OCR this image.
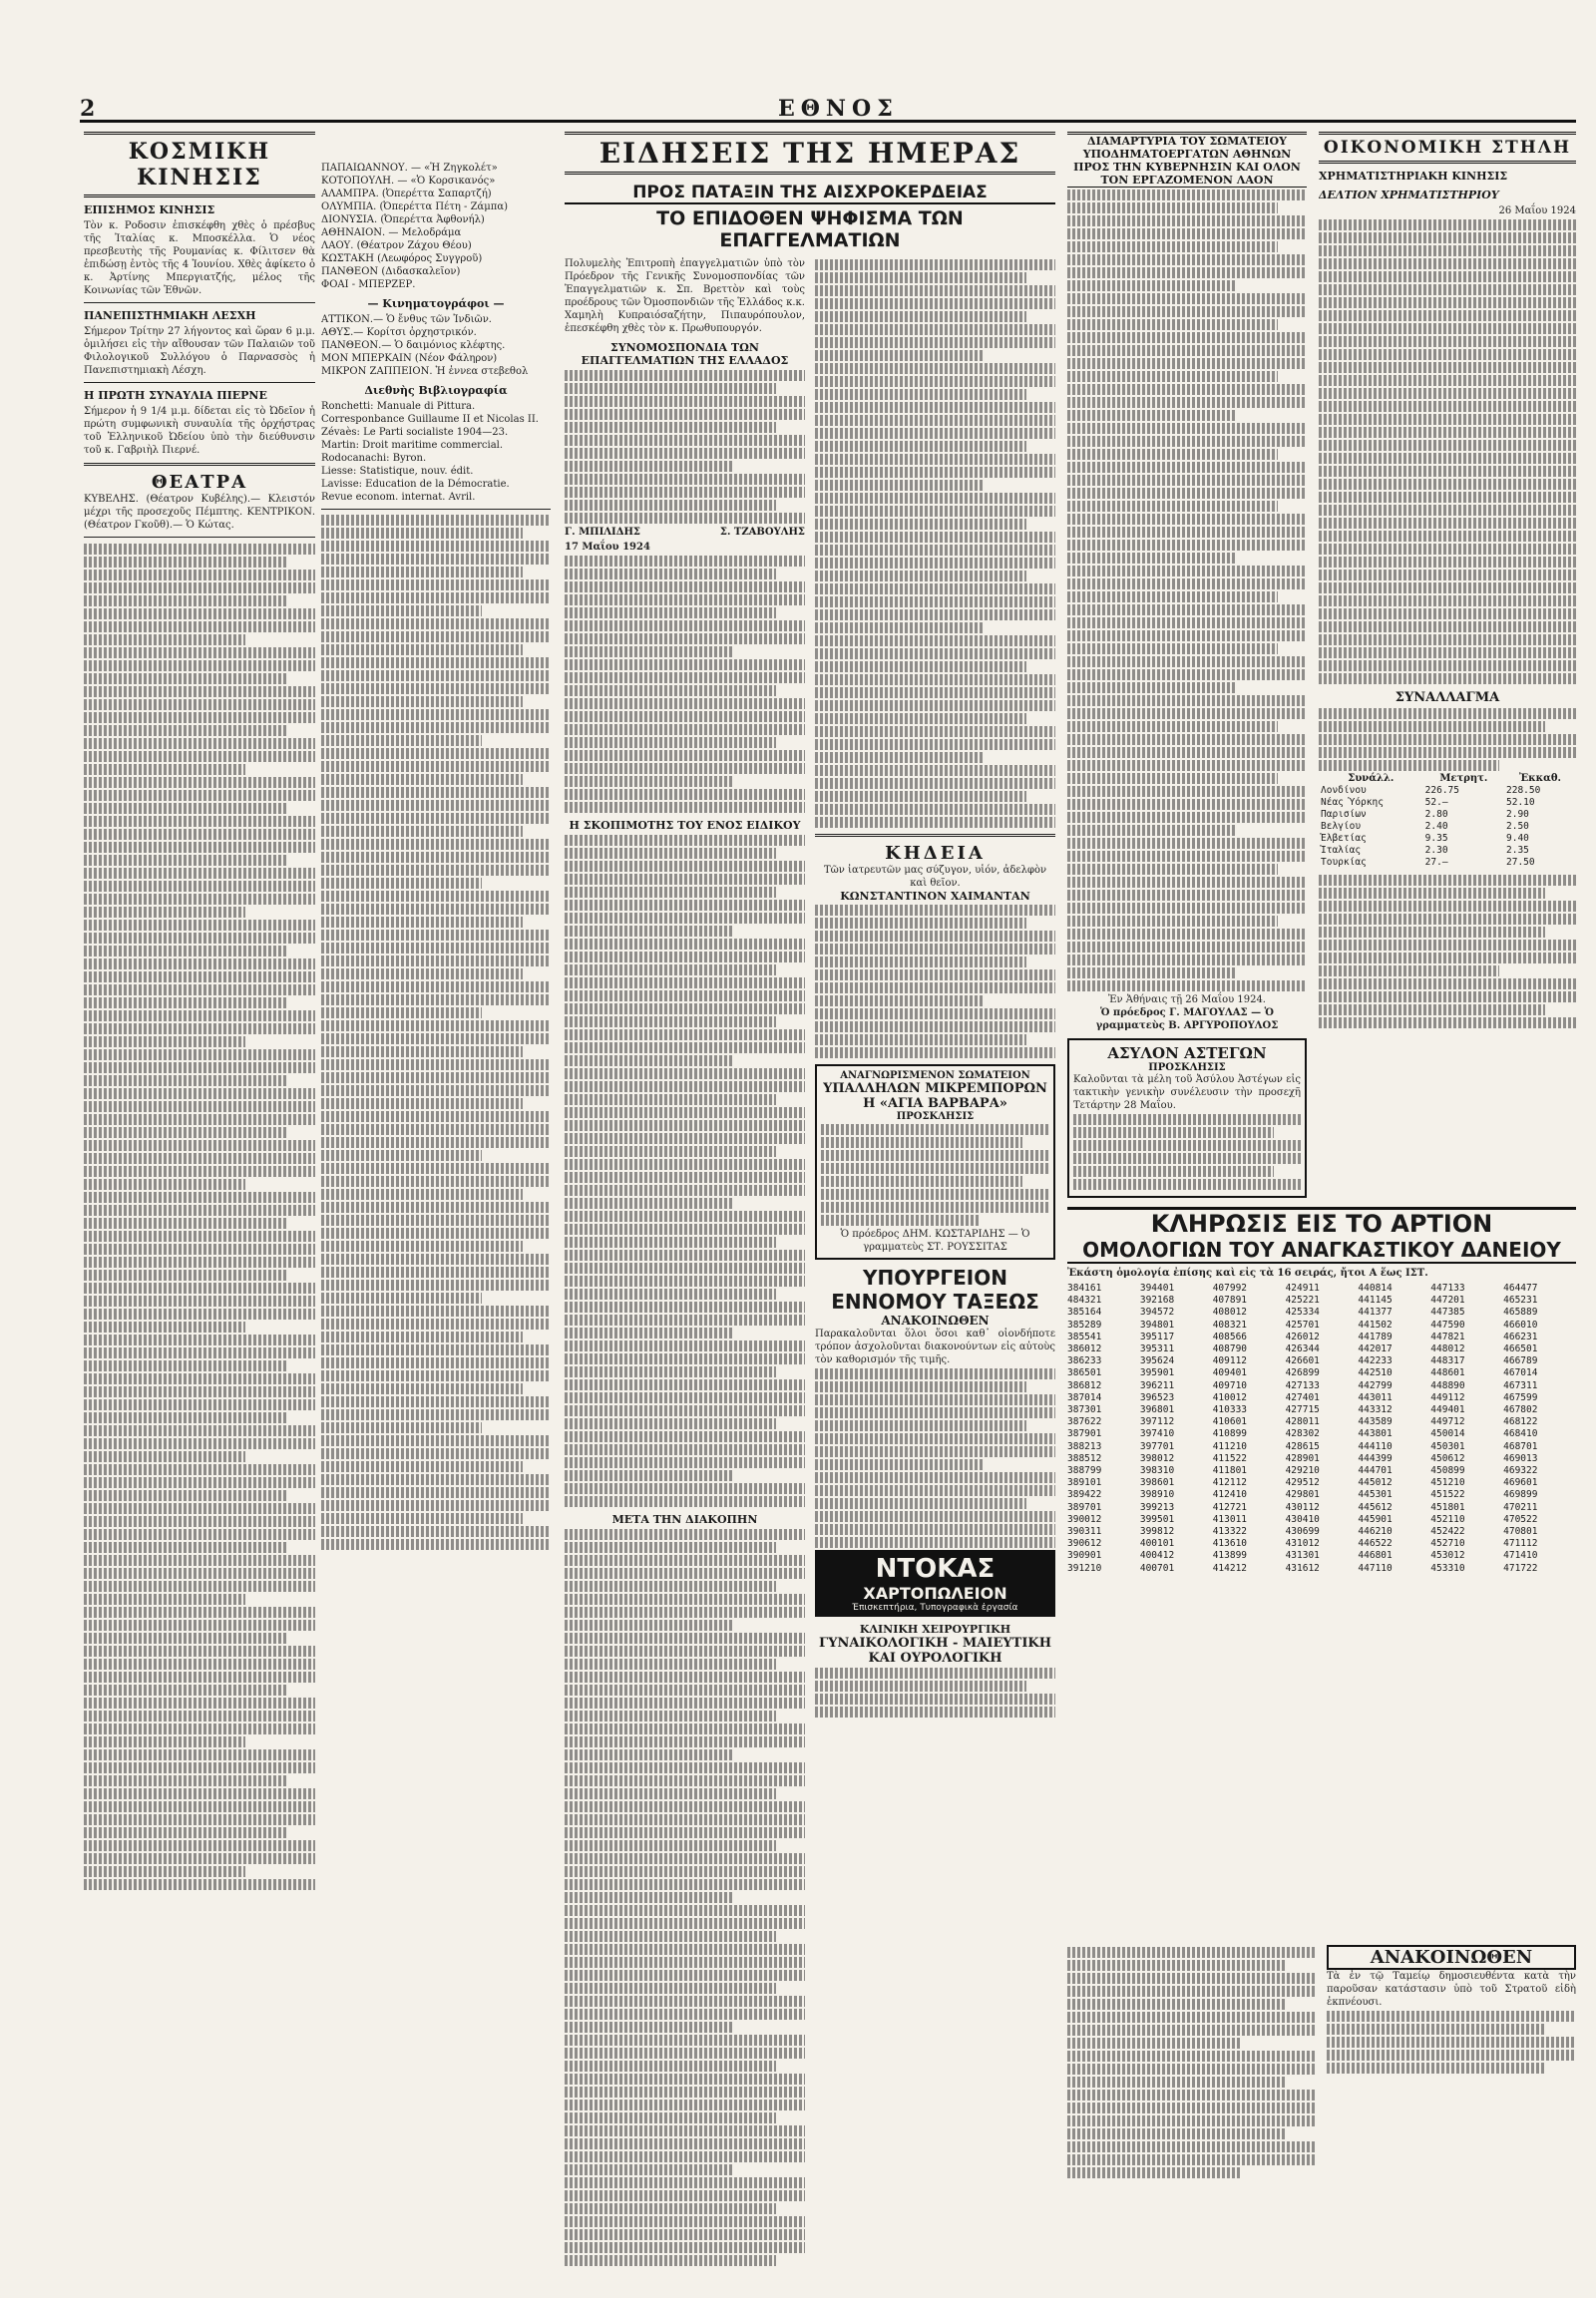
2	ΕΘΝΟΣ
ΚΟΣΜΙΚΗ ΚΙΝΗΣΙΣ
ΕΠΙΣΗΜΟΣ ΚΙΝΗΣΙΣ
Τὸν κ. Ροδοσιν ἐπισκέφθη χθὲς ὁ πρέσβυς τῆς Ἰταλίας κ. Μποσκέλλα. Ὁ νέος πρεσβευτὴς τῆς Ρουμανίας κ. Φίλιτσεν θὰ ἐπιδώσῃ ἐντὸς τῆς 4 Ἰουνίου. Χθὲς ἀφίκετο ὁ κ. Ἀρτίνης Μπεργιατζής, μέλος τῆς Κοινωνίας τῶν Ἐθνῶν.
ΠΑΝΕΠΙΣΤΗΜΙΑΚΗ ΛΕΣΧΗ
Σήμερον Τρίτην 27 λήγοντος καὶ ὥραν 6 μ.μ. ὁμιλήσει εἰς τὴν αἴθουσαν τῶν Παλαιῶν τοῦ Φιλολογικοῦ Συλλόγου ὁ Παρνασσὸς ἡ Πανεπιστημιακὴ Λέσχη.
Η ΠΡΩΤΗ ΣΥΝΑΥΛΙΑ ΠΙΕΡΝΕ
Σήμερον ἡ 9 1/4 μ.μ. δίδεται εἰς τὸ Ὠδεῖον ἡ πρώτη συμφωνικὴ συναυλία τῆς ὀρχήστρας τοῦ Ἑλληνικοῦ Ὠδείου ὑπὸ τὴν διεύθυνσιν τοῦ κ. Γαβριὴλ Πιερνέ.
ΘΕΑΤΡΑ
ΚΥΒΕΛΗΣ. (Θέατρον Κυβέλης).— Κλειστόν μέχρι τῆς προσεχοῦς Πέμπτης. ΚΕΝΤΡΙΚΟΝ. (Θέατρον Γκοῦθ).— Ὁ Κώτας.
ΠΑΠΑΙΩΑΝΝΟΥ. — «Ἡ Ζηγκολέτ»
ΚΟΤΟΠΟΥΛΗ. — «Ὁ Κορσικανός»
ΑΛΑΜΠΡΑ. (Ὀπερέττα Σαπαρτζή)
ΟΛΥΜΠΙΑ. (Ὀπερέττα Πέτη - Ζάμπα)
ΔΙΟΝΥΣΙΑ. (Ὀπερέττα Ἀφθονήλ)
ΑΘΗΝΑΙΟΝ. — Μελοδράμα
ΛΑΟΥ. (Θέατρον Ζάχου Θέου)
ΚΩΣΤΑΚΗ (Λεωφόρος Συγγροῦ)
ΠΑΝΘΕΟΝ (Διδασκαλεῖον)
ΦΟΑΙ - ΜΠΕΡΖΕΡ.
— Κινηματογράφοι —
ΑΤΤΙΚΟΝ.— Ὁ ἔνθυς τῶν Ἰνδιῶν.
ΑΘΥΣ.— Κορίτσι ὀρχηστρικόν.
ΠΑΝΘΕΟΝ.— Ὁ δαιμόνιος κλέφτης.
ΜΟΝ ΜΠΕΡΚΑΙΝ (Νέον Φάληρον)
ΜΙΚΡΟΝ ΖΑΠΠΕΙΟΝ. Ἡ ἐννεα στεβεθολ
Διεθνὴς Βιβλιογραφία
Ronchetti: Manuale di Pittura.
Corresponbance Guillaume II et Nicolas II.
Zévaès: Le Parti socialiste 1904—23.
Martin: Droit maritime commercial.
Rodocanachi: Byron.
Liesse: Statistique, nouv. édit.
Lavisse: Education de la Démocratie.
Revue econom. internat. Avril.
ΕΙΔΗΣΕΙΣ ΤΗΣ ΗΜΕΡΑΣ
ΠΡΟΣ ΠΑΤΑΞΙΝ ΤΗΣ ΑΙΣΧΡΟΚΕΡΔΕΙΑΣ
ΤΟ ΕΠΙΔΟΘΕΝ ΨΗΦΙΣΜΑ ΤΩΝ ΕΠΑΓΓΕΛΜΑΤΙΩΝ
Πολυμελὴς Ἐπιτροπὴ ἐπαγγελματιῶν ὑπὸ τὸν Πρόεδρον τῆς Γενικῆς Συνομοσπονδίας τῶν Ἐπαγγελματιῶν κ. Σπ. Βρεττὸν καὶ τοὺς προέδρους τῶν Ὀμοσπονδιῶν τῆς Ἑλλάδος κ.κ. Χαμηλὴ Κυπραιόσαζήτην, Πιπαυρόπουλον, ἐπεσκέφθη χθὲς τὸν κ. Πρωθυπουργόν.
ΣΥΝΟΜΟΣΠΟΝΔΙΑ ΤΩΝ ΕΠΑΓΓΕΛΜΑΤΙΩΝ ΤΗΣ ΕΛΛΑΔΟΣ
Γ. ΜΠΙΛΙΔΗΣ	Σ. ΤΖΑΒΟΥΛΗΣ
17 Μαΐου 1924
Η ΣΚΟΠΙΜΟΤΗΣ ΤΟΥ ΕΝΟΣ ΕΙΔΙΚΟΥ
ΜΕΤΑ ΤΗΝ ΔΙΑΚΟΠΗΝ
ΚΗΔΕΙΑ
Τῶν ἰατρευτῶν μας σύζυγον, υἱόν, ἀδελφὸν καὶ θεῖον.
ΚΩΝΣΤΑΝΤΙΝΟΝ ΧΑΙΜΑΝΤΑΝ
ΑΝΑΓΝΩΡΙΣΜΕΝΟΝ ΣΩΜΑΤΕΙΟΝ
ΥΠΑΛΛΗΛΩΝ ΜΙΚΡΕΜΠΟΡΩΝ
Η «ΑΓΙΑ ΒΑΡΒΑΡΑ»
ΠΡΟΣΚΛΗΣΙΣ
Ὁ πρόεδρος ΔΗΜ. ΚΩΣΤΑΡΙΔΗΣ — Ὁ γραμματεὺς ΣΤ. ΡΟΥΣΣΙΤΑΣ
ΥΠΟΥΡΓΕΙΟΝ
ΕΝΝΟΜΟΥ ΤΑΞΕΩΣ
ΑΝΑΚΟΙΝΩΘΕΝ
Παρακαλοῦνται ὅλοι ὅσοι καθ᾿ οἱονδήποτε τρόπον ἀσχολοῦνται διακονούντων εἰς αὐτοὺς τὸν καθορισμόν τῆς τιμῆς.
ΝΤΟΚΑΣ
ΧΑΡΤΟΠΩΛΕΙΟΝ
Ἐπισκεπτήρια, Τυπογραφικὰ ἐργασία
ΚΛΙΝΙΚΗ ΧΕΙΡΟΥΡΓΙΚΗ
ΓΥΝΑΙΚΟΛΟΓΙΚΗ - ΜΑΙΕΥΤΙΚΗ
ΚΑΙ ΟΥΡΟΛΟΓΙΚΗ
ΔΙΑΜΑΡΤΥΡΙΑ ΤΟΥ ΣΩΜΑΤΕΙΟΥ
ΥΠΟΔΗΜΑΤΟΕΡΓΑΤΩΝ ΑΘΗΝΩΝ
ΠΡΟΣ ΤΗΝ ΚΥΒΕΡΝΗΣΙΝ ΚΑΙ ΟΛΟΝ
ΤΟΝ ΕΡΓΑΖΟΜΕΝΟΝ ΛΑΟΝ
Ἐν Ἀθήναις τῇ 26 Μαΐου 1924.
Ὁ πρόεδρος Γ. ΜΑΓΟΥΛΑΣ — Ὁ γραμματεὺς Β. ΑΡΓΥΡΟΠΟΥΛΟΣ
ΑΣΥΛΟΝ ΑΣΤΕΓΩΝ
ΠΡΟΣΚΛΗΣΙΣ
Καλοῦνται τὰ μέλη τοῦ Ἀσύλου Ἀστέγων εἰς τακτικὴν γενικὴν συνέλευσιν τὴν προσεχῆ Τετάρτην 28 Μαΐου.
ΟΙΚΟΝΟΜΙΚΗ ΣΤΗΛΗ
ΧΡΗΜΑΤΙΣΤΗΡΙΑΚΗ ΚΙΝΗΣΙΣ
ΔΕΛΤΙΟΝ ΧΡΗΜΑΤΙΣΤΗΡΙΟΥ
26 Μαΐου 1924
ΣΥΝΑΛΛΑΓΜΑ
Συνάλλ.	Μετρητ.	Ἐκκαθ.
Λονδίνου	226.75	228.50
Νέας Ὑόρκης	52.—	52.10
Παρισίων	2.80	2.90
Βελγίου	2.40	2.50
Ἑλβετίας	9.35	9.40
Ἰταλίας	2.30	2.35
Τουρκίας	27.—	27.50
ΚΛΗΡΩΣΙΣ ΕΙΣ ΤΟ ΑΡΤΙΟΝ
ΟΜΟΛΟΓΙΩΝ ΤΟΥ ΑΝΑΓΚΑΣΤΙΚΟΥ ΔΑΝΕΙΟΥ
Ἐκάστη ὁμολογία ἐπίσης καὶ εἰς τὰ 16 σειράς, ἤτοι Α ἕως ΙΣΤ.
384161	394401	407992	424911	440814	447133	464477
484321	392168	407891	425221	441145	447201	465231
385164	394572	408012	425334	441377	447385	465889
385289	394801	408321	425701	441502	447590	466010
385541	395117	408566	426012	441789	447821	466231
386012	395311	408790	426344	442017	448012	466501
386233	395624	409112	426601	442233	448317	466789
386501	395901	409401	426899	442510	448601	467014
386812	396211	409710	427133	442799	448890	467311
387014	396523	410012	427401	443011	449112	467599
387301	396801	410333	427715	443312	449401	467802
387622	397112	410601	428011	443589	449712	468122
387901	397410	410899	428302	443801	450014	468410
388213	397701	411210	428615	444110	450301	468701
388512	398012	411522	428901	444399	450612	469013
388799	398310	411801	429210	444701	450899	469322
389101	398601	412112	429512	445012	451210	469601
389422	398910	412410	429801	445301	451522	469899
389701	399213	412721	430112	445612	451801	470211
390012	399501	413011	430410	445901	452110	470522
390311	399812	413322	430699	446210	452422	470801
390612	400101	413610	431012	446522	452710	471112
390901	400412	413899	431301	446801	453012	471410
391210	400701	414212	431612	447110	453310	471722
ΑΝΑΚΟΙΝΩΘΕΝ
Τὰ ἐν τῷ Ταμείῳ δημοσιευθέντα κατὰ τὴν παροῦσαν κατάστασιν ὑπὸ τοῦ Στρατοῦ εἰδὴ ἐκπνέουσι.
